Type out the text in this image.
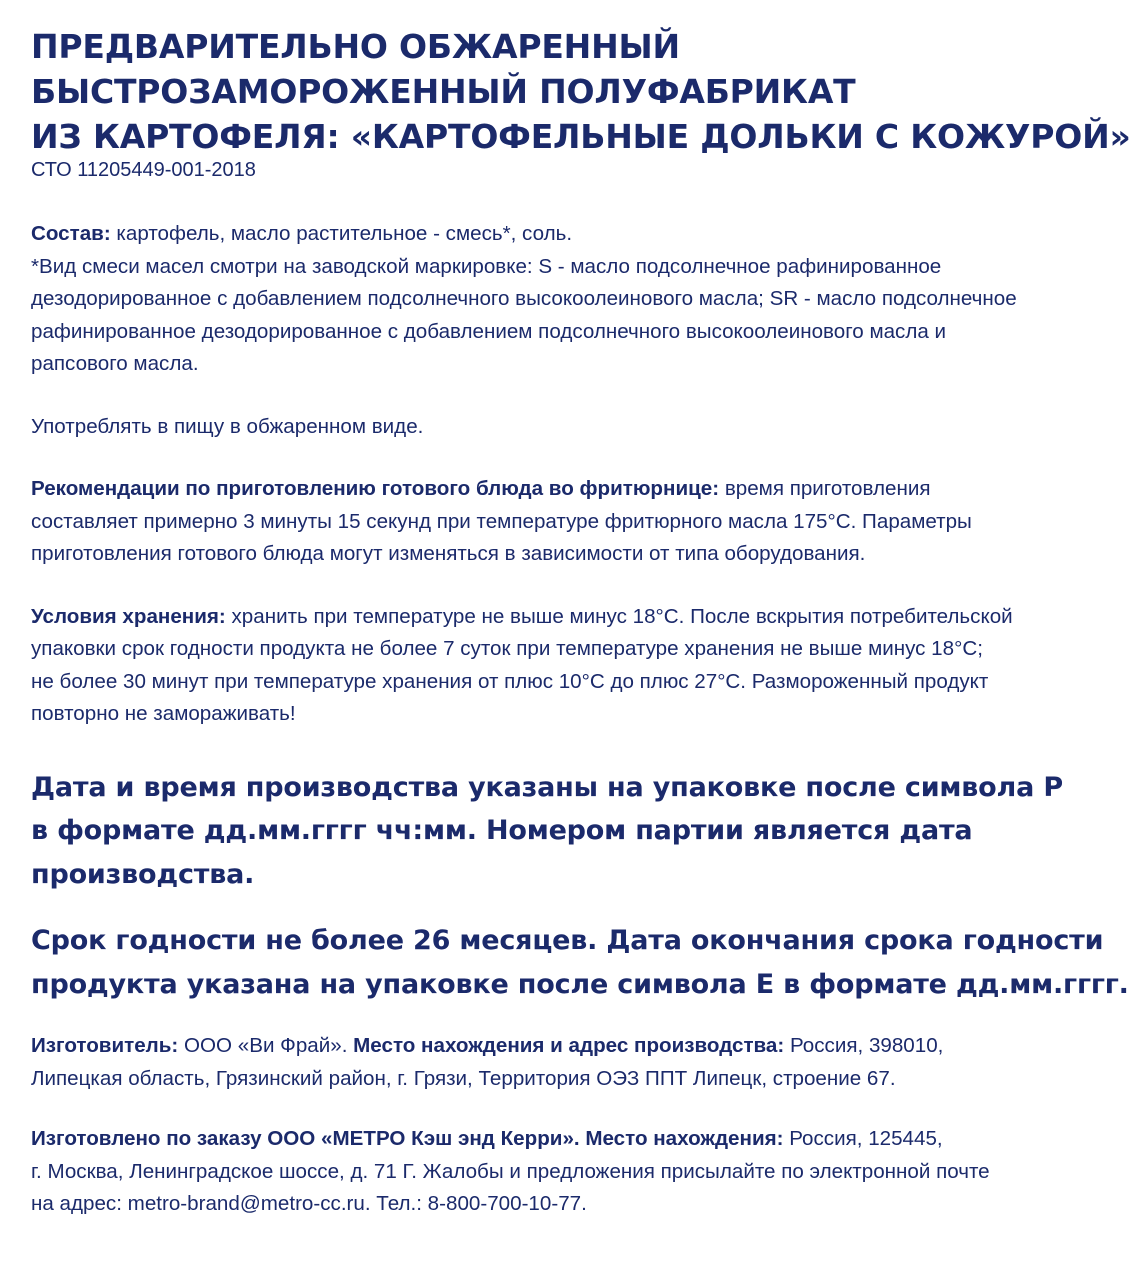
ПРЕДВАРИТЕЛЬНО ОБЖАРЕННЫЙ
БЫСТРОЗАМОРОЖЕННЫЙ ПОЛУФАБРИКАТ
ИЗ КАРТОФЕЛЯ: «КАРТОФЕЛЬНЫЕ ДОЛЬКИ С КОЖУРОЙ»
СТО 11205449-001-2018

Состав: картофель, масло растительное - смесь*, соль.
*Вид смеси масел смотри на заводской маркировке: S - масло подсолнечное рафинированное
дезодорированное с добавлением подсолнечного высокоолеинового масла; SR - масло подсолнечное
рафинированное дезодорированное с добавлением подсолнечного высокоолеинового масла и
рапсового масла.

Употреблять в пищу в обжаренном виде.

Рекомендации по приготовлению готового блюда во фритюрнице: время приготовления
составляет примерно 3 минуты 15 секунд при температуре фритюрного масла 175°С. Параметры
приготовления готового блюда могут изменяться в зависимости от типа оборудования.

Условия хранения: хранить при температуре не выше минус 18°С. После вскрытия потребительской
упаковки срок годности продукта не более 7 суток при температуре хранения не выше минус 18°С;
не более 30 минут при температуре хранения от плюс 10°С до плюс 27°С. Размороженный продукт
повторно не замораживать!

Дата и время производства указаны на упаковке после символа Р
в формате дд.мм.гггг чч:мм. Номером партии является дата
производства.

Срок годности не более 26 месяцев. Дата окончания срока годности
продукта указана на упаковке после символа Е в формате дд.мм.гггг.

Изготовитель: ООО «Ви Фрай». Место нахождения и адрес производства: Россия, 398010,
Липецкая область, Грязинский район, г. Грязи, Территория ОЭЗ ППТ Липецк, строение 67.

Изготовлено по заказу ООО «МЕТРО Кэш энд Керри». Место нахождения: Россия, 125445,
г. Москва, Ленинградское шоссе, д. 71 Г. Жалобы и предложения присылайте по электронной почте
на адрес: metro-brand@metro-cc.ru. Тел.: 8-800-700-10-77.
